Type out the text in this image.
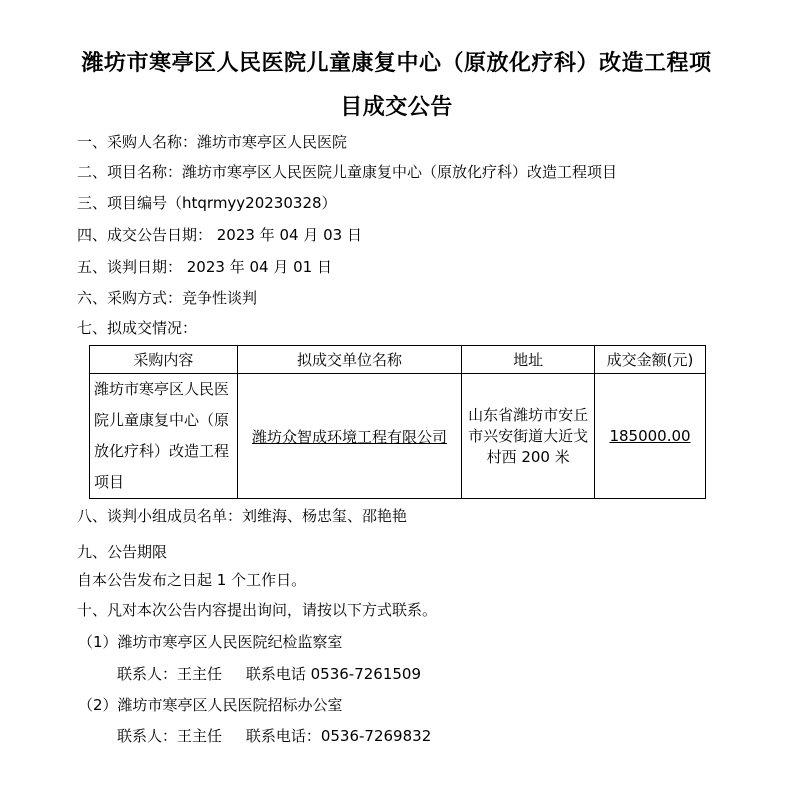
潍坊市寒亭区人民医院儿童康复中心（原放化疗科）改造工程项
目成交公告
一、采购人名称：潍坊市寒亭区人民医院
二、项目名称：潍坊市寒亭区人民医院儿童康复中心（原放化疗科）改造工程项目
三、项目编号（htqrmyy20230328）
四、成交公告日期： 2023 年 04 月 03 日
五、谈判日期： 2023 年 04 月 01 日
六、采购方式：竞争性谈判
七、拟成交情况：
采购内容	拟成交单位名称	地址	成交金额(元)
潍坊市寒亭区人民医院儿童康复中心（原放化疗科）改造工程项目	潍坊众智成环境工程有限公司	山东省潍坊市安丘市兴安街道大近戈村西 200 米	185000.00
八、谈判小组成员名单：刘维海、杨忠玺、邵艳艳
九、公告期限
自本公告发布之日起 1 个工作日。
十、凡对本次公告内容提出询问，请按以下方式联系。
（1）潍坊市寒亭区人民医院纪检监察室
联系人：王主任     联系电话 0536-7261509
（2）潍坊市寒亭区人民医院招标办公室
联系人：王主任     联系电话：0536-7269832
